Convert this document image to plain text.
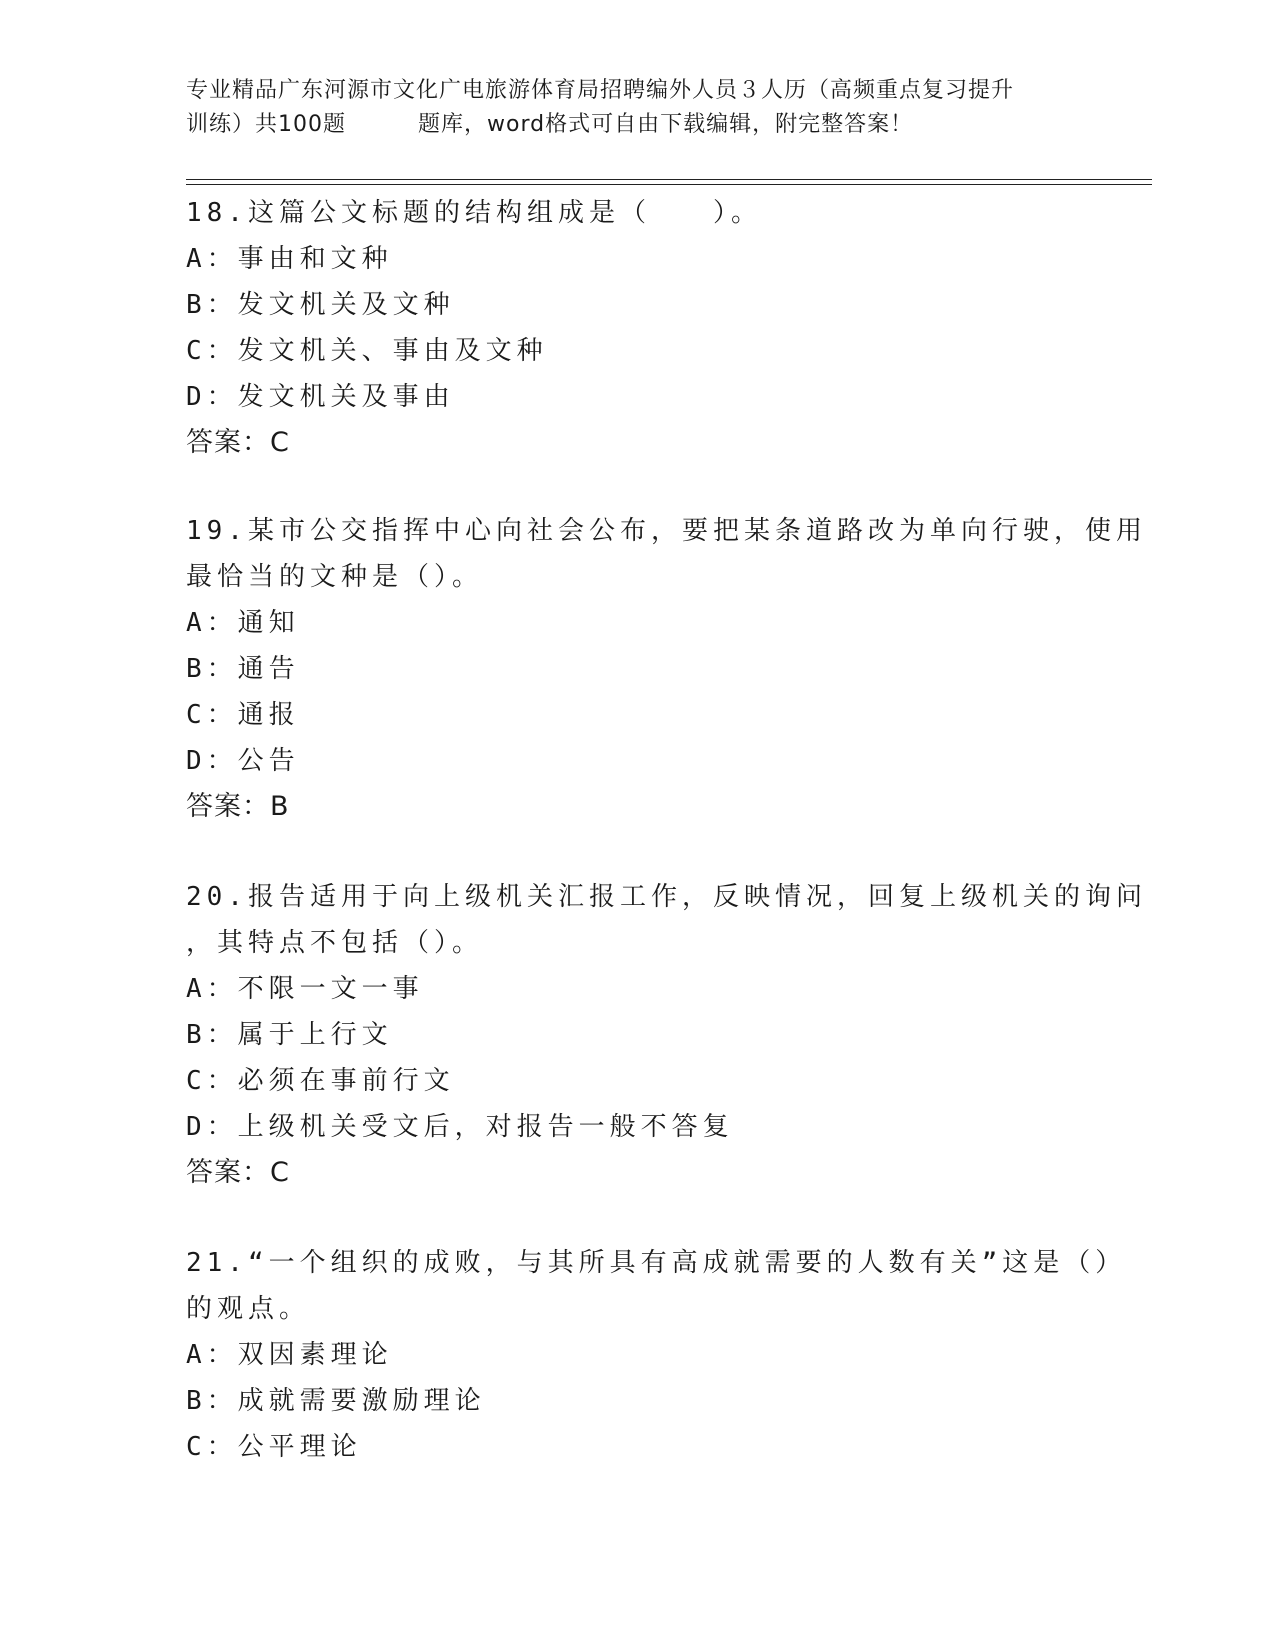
专业精品广东河源市文化广电旅游体育局招聘编外人员３人历（高频重点复习提升
训练）共100题	题库，word格式可自由下载编辑，附完整答案！
18.这篇公文标题的结构组成是（　　）。
A：事由和文种
B：发文机关及文种
C：发文机关、事由及文种
D：发文机关及事由
答案：C
19.某市公交指挥中心向社会公布，要把某条道路改为单向行驶，使用
最恰当的文种是（）。
A：通知
B：通告
C：通报
D：公告
答案：B
20.报告适用于向上级机关汇报工作，反映情况，回复上级机关的询问
，其特点不包括（）。
A：不限一文一事
B：属于上行文
C：必须在事前行文
D：上级机关受文后，对报告一般不答复
答案：C
21.“一个组织的成败，与其所具有高成就需要的人数有关”这是（）
的观点。
A：双因素理论
B：成就需要激励理论
C：公平理论
